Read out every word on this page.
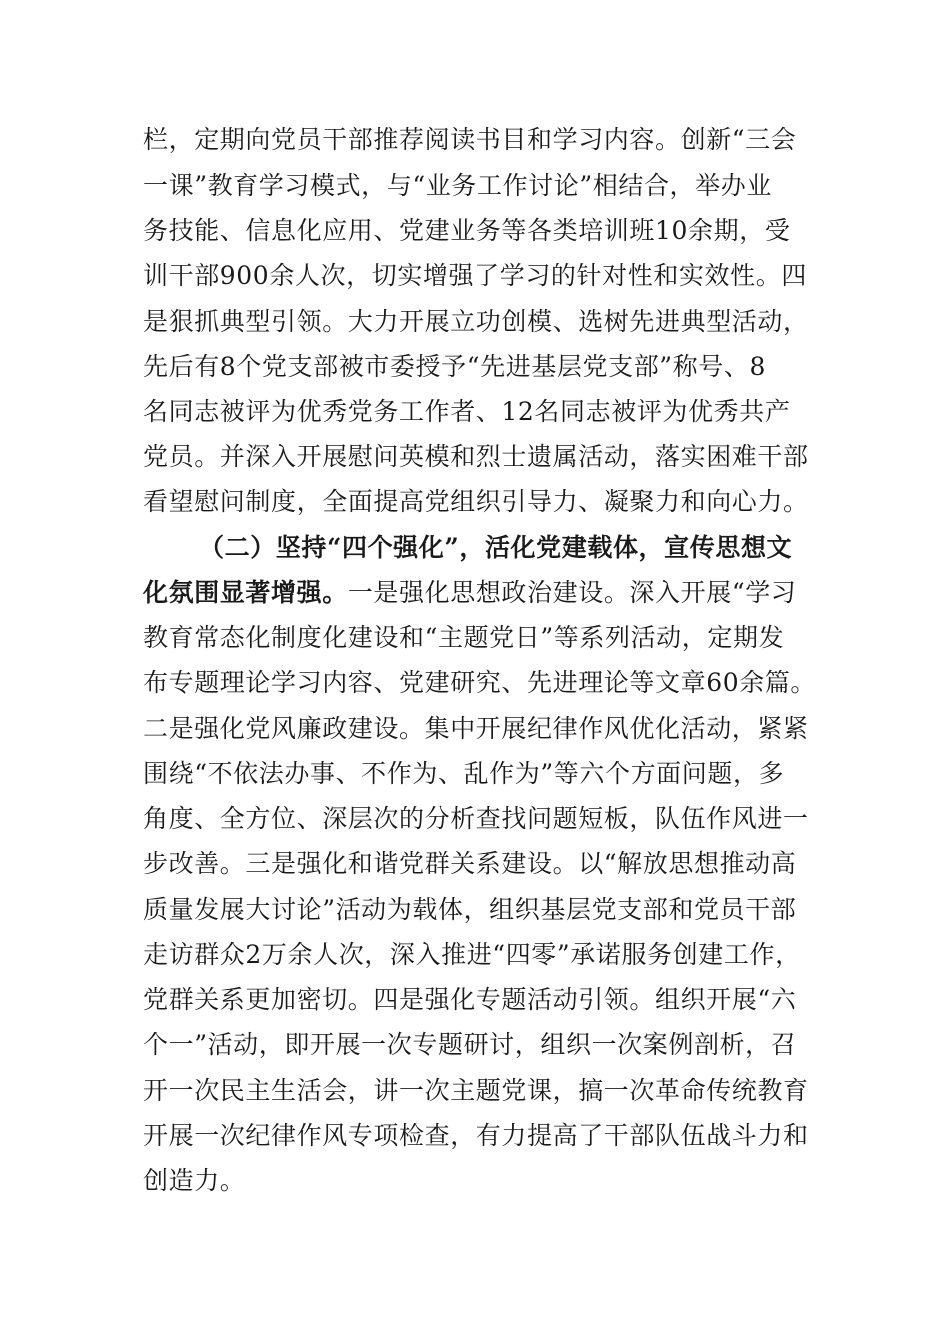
栏，定期向党员干部推荐阅读书目和学习内容。创新“三会
一课”教育学习模式，与“业务工作讨论”相结合，举办业
务技能、信息化应用、党建业务等各类培训班10余期，受
训干部900余人次，切实增强了学习的针对性和实效性。四
是狠抓典型引领。大力开展立功创模、选树先进典型活动，
先后有8个党支部被市委授予“先进基层党支部”称号、8
名同志被评为优秀党务工作者、12名同志被评为优秀共产
党员。并深入开展慰问英模和烈士遗属活动，落实困难干部
看望慰问制度，全面提高党组织引导力、凝聚力和向心力。
（二）坚持“四个强化”，活化党建载体，宣传思想文
化氛围显著增强。一是强化思想政治建设。深入开展“学习
教育常态化制度化建设和“主题党日”等系列活动，定期发
布专题理论学习内容、党建研究、先进理论等文章60余篇。
二是强化党风廉政建设。集中开展纪律作风优化活动，紧紧
围绕“不依法办事、不作为、乱作为”等六个方面问题，多
角度、全方位、深层次的分析查找问题短板，队伍作风进一
步改善。三是强化和谐党群关系建设。以“解放思想推动高
质量发展大讨论”活动为载体，组织基层党支部和党员干部
走访群众2万余人次，深入推进“四零”承诺服务创建工作，
党群关系更加密切。四是强化专题活动引领。组织开展“六
个一”活动，即开展一次专题研讨，组织一次案例剖析，召
开一次民主生活会，讲一次主题党课，搞一次革命传统教育
开展一次纪律作风专项检查，有力提高了干部队伍战斗力和
创造力。
